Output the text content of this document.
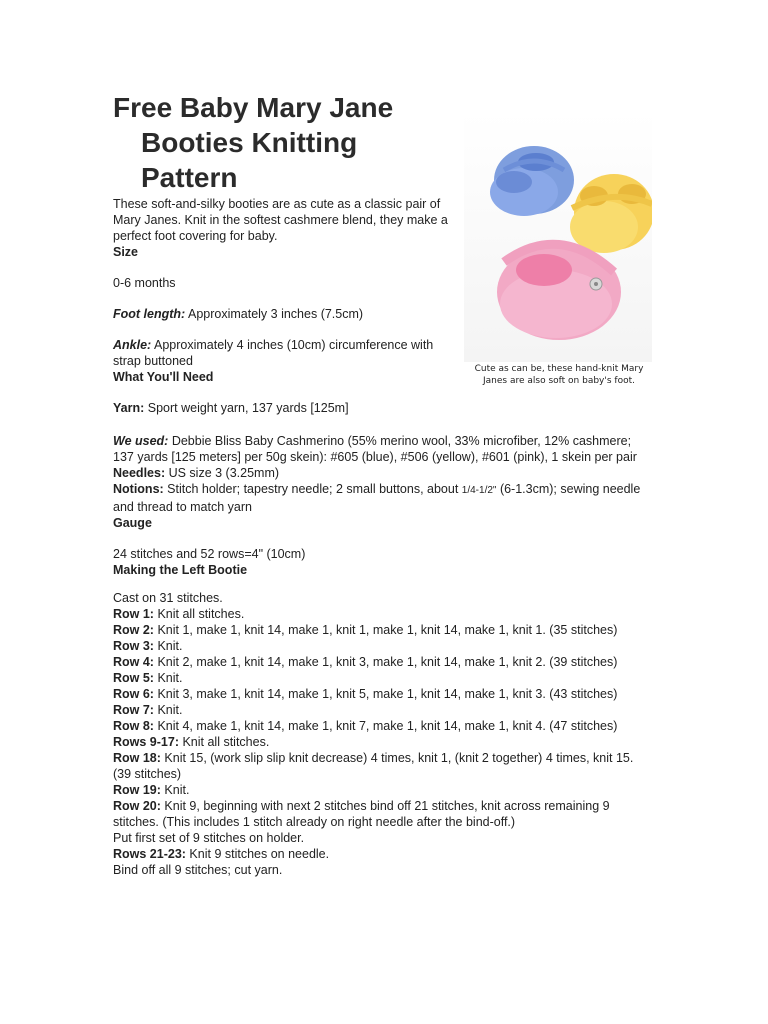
Free Baby Mary Jane
Booties Knitting
Pattern
Cute as can be, these hand-knit Mary
Janes are also soft on baby's foot.

These soft-and-silky booties are as cute as a classic pair of Mary Janes. Knit in the softest cashmere blend, they make a perfect foot covering for baby.

Size

0-6 months

Foot length: Approximately 3 inches (7.5cm)

Ankle: Approximately 4 inches (10cm) circumference with strap buttoned

What You'll Need

Yarn: Sport weight yarn, 137 yards [125m]

We used: Debbie Bliss Baby Cashmerino (55% merino wool, 33% microfiber, 12% cashmere; 137 yards [125 meters] per 50g skein): #605 (blue), #506 (yellow), #601 (pink), 1 skein per pair

Needles: US size 3 (3.25mm)

Notions: Stitch holder; tapestry needle; 2 small buttons, about 1/4-1/2" (6-1.3cm); sewing needle and thread to match yarn

Gauge

24 stitches and 52 rows=4" (10cm)

Making the Left Bootie

Cast on 31 stitches.

Row 1: Knit all stitches.

Row 2: Knit 1, make 1, knit 14, make 1, knit 1, make 1, knit 14, make 1, knit 1. (35 stitches)

Row 3: Knit.

Row 4: Knit 2, make 1, knit 14, make 1, knit 3, make 1, knit 14, make 1, knit 2. (39 stitches)

Row 5: Knit.

Row 6: Knit 3, make 1, knit 14, make 1, knit 5, make 1, knit 14, make 1, knit 3. (43 stitches)

Row 7: Knit.

Row 8: Knit 4, make 1, knit 14, make 1, knit 7, make 1, knit 14, make 1, knit 4. (47 stitches)

Rows 9-17: Knit all stitches.

Row 18: Knit 15, (work slip slip knit decrease) 4 times, knit 1, (knit 2 together) 4 times, knit 15. (39 stitches)

Row 19: Knit.

Row 20: Knit 9, beginning with next 2 stitches bind off 21 stitches, knit across remaining 9 stitches. (This includes 1 stitch already on right needle after the bind-off.)

Put first set of 9 stitches on holder.

Rows 21-23: Knit 9 stitches on needle.

Bind off all 9 stitches; cut yarn.
